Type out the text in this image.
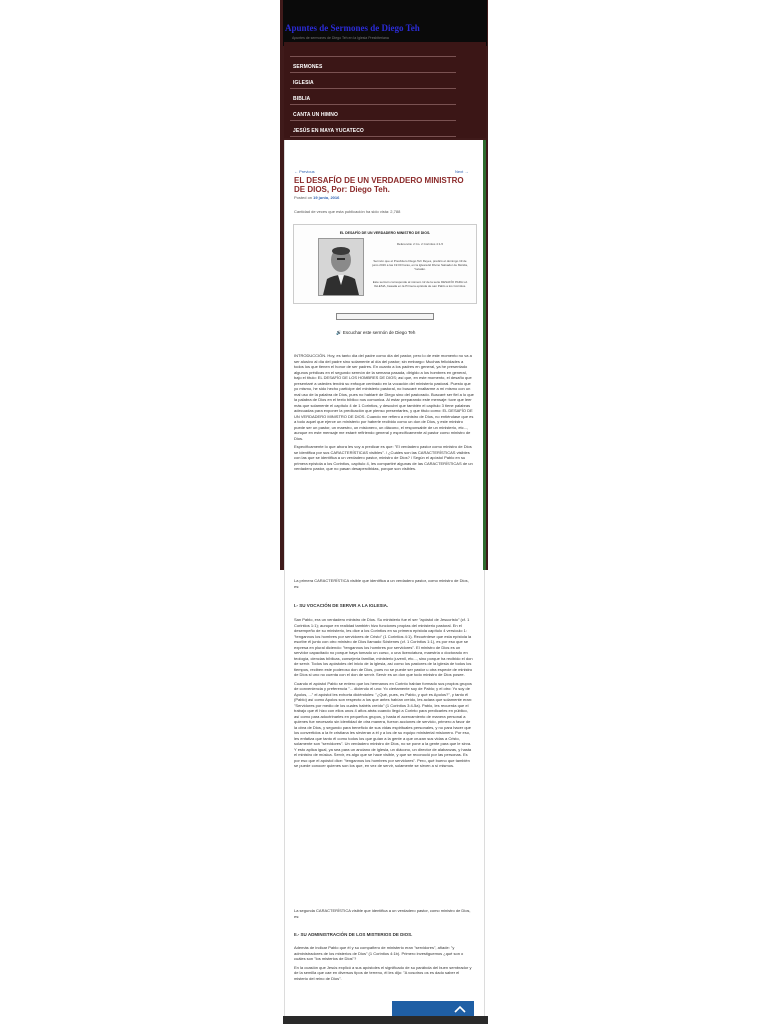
Apuntes de Sermones de Diego Teh
Apuntes de sermones de Diego Teh en la Iglesia Presbiteriana
SERMONES
IGLESIA
BIBLIA
CANTA UN HIMNO
JESÚS EN MAYA YUCATECO
← Previous	Next →
EL DESAFÍO DE UN VERDADERO MINISTRO DE DIOS, Por: Diego Teh.
Posted on 19 junio, 2016
Cantidad de veces que esta publicación ha sido vista: 2,788
EL DESAFÍO DE UN VERDADERO MINISTRO DE DIOS.
Referencia: 2 Co. 2 Corintios 4:1-5
Sermón que el Presbítero Diego Teh Reyes, predicó el domingo 19 de junio 2016 a las 19:00 horas, en la Iglesia El Divino Salvador de Mérida, Yucatán.
Este sermón corresponde al número 12 de la serie DESAFÍO PARA LA IGLESIA, basada en la Primera epístola de san Pablo a los Corintios.
🔊 Escuchar este sermón de Diego Teh

INTRODUCCIÓN. Hoy, es tanto día del padre como día del pastor, pero lo de este momento no va a ser alusivo al día del padre sino solamente al día del pastor; sin embargo: Muchas felicidades a todos los que tienen el honor de ser padres. En cuanto a los padres en general, ya he presentado algunos prédicas en el segundo sermón de la semana pasada, dirigido a los hombres en general, bajo el título: EL DESAFÍO DE LOS HOMBRES DE DIOS; así que, en este momento, el desafío que presentaré a ustedes tendrá su enfoque centrado en la vocación del ministerio pastoral. Puesto que yo mismo, he sido hecho partícipe del ministerio pastoral, no buscaré exaltarme a mí mismo con un mal uso de la palabra de Dios, pues no hablaré de Diego sino del pastorado. Buscaré ser fiel a lo que la palabra de Dios en el texto bíblico nos comunica. Al estar preparando este mensaje: tuve que leer más que solamente el capítulo 4 de 1 Corintios, y descubrí que también el capítulo 3 tiene palabras adecuadas para exponer la predicación que pienso presentarles, y que titulo como: EL DESAFÍO DE UN VERDADERO MINISTRO DE DIOS. Cuando me refiero a ministro de Dios, no entiéndase que es a todo aquel que ejerce un ministerio por haberle recibido como un don de Dios, y este ministro puede ser un pastor, un maestro, un misionero, un diácono, el responsable de un ministerio, etc..., aunque en este mensaje me estaré refiriendo general y específicamente al pastor como ministro de Dios.

Específicamente lo que ahora les voy a predicar es que: "El verdadero pastor como ministro de Dios se identifica por sus CARACTERÍSTICAS visibles". / ¿Cuáles son las CARACTERÍSTICAS visibles con las que se identifica a un verdadero pastor, ministro de Dios? / Según el apóstol Pablo en su primera epístola a los Corintios, capítulo 4, les compartiré algunas de las CARACTERÍSTICAS de un verdadero pastor, que no pasan desapercibidas, porque son visibles.

La primera CARACTERÍSTICA visible que identifica a un verdadero pastor, como ministro de Dios, es:
I.- SU VOCACIÓN DE SERVIR A LA IGLESIA.

San Pablo, era un verdadero ministro de Dios. Su ministerio fue el ser "apóstol de Jesucristo" (cf. 1 Corintios 1:1); aunque en realidad también hizo funciones propias del ministerio pastoral. En el desempeño de su ministerio, les dice a los Corintios en su primera epístola capítulo 4 versículo 1: "tengannos los hombres por servidores de Cristo" (1 Corintios 4:1). Recuérdese que esta epístola la escribe él junto con otro ministro de Dios llamado Sóstenes (cf. 1 Corintios 1:1), es por eso que se expresa en plural diciendo: "tengannos los hombres por servidores". El ministro de Dios es un servidor capacitado no porque haya tomado un curso, o una licenciatura, maestría o doctorado en teología, ciencias bíblicas, consejería familiar, ministerio juvenil, etc..., sino porque ha recibido el don de servir. Todos los apóstoles del inicio de la iglesia, así como los pastores de la iglesia de todos los tiempos, reciben este poderoso don de Dios, pues no se puede ser pastor u otra especie de ministro de Dios si uno no cuenta con el don de servir. Servir es un don que todo ministro de Dios posee.

Cuando el apóstol Pablo se entero que los hermanos en Corinto habían formado sus propios grupos de conveniencia y preferencia "... diciendo el uno: Yo ciertamente soy de Pablo; y el otro: Yo soy de Apolos, ..." el apóstol les exhorta diciéndoles: "¿Qué, pues, es Pablo, y qué es Apolos?", y tanto él (Pablo) así como Apolos son respecto a los que antes habían creído, les aclara que solamente eran: "Servidores por medio de los cuales habéis creído" (1 Corintios 3:4-5a). Pablo, les recuerda que el trabajo que él hizo con ellos unos 4 años atrás cuando llegó a Corinto para predicarles en público, así como para adoctrinarles en pequeños grupos, y hasta el acercamiento de manera personal a quienes fue necesario sin identidad de otra manera, fueron acciones de servicio, primero a favor de la obra de Dios, y segundo para beneficio de sus vidas espirituales personales, y no para hacer que los convertidos a la fe cristiana les sirvieran a él y a los de su equipo ministerial misionero. Por eso, les enfatiza que tanto él como todos los que guían a la gente a que cruzan sus vidas a Cristo, solamente son "servidores". Un verdadero ministro de Dios, no se pone a la gente para que le sirva. Y esto aplica igual, ya sea para un anciano de iglesia, un diácono, un director de alabanzas, y hasta el ministro de música. Servir, es algo que se hace visible, y que se reconoció por las personas. Es por eso que el apóstol dice: "tengannos los hombres por servidores". Pero, qué bueno que también se puede conocer quienes son los que, en vez de servir, solamente se sirven a sí mismos.

La segunda CARACTERÍSTICA visible que identifica a un verdadero pastor, como ministro de Dios, es:
II.- SU ADMINISTRACIÓN DE LOS MISTERIOS DE DIOS.

Además de indicar Pablo que él y su compañero de ministerio eran "servidores", añade: "y administradores de los misterios de Dios" (1 Corintios 4:1b). Primero investiguemos ¿qué son o cuáles son "los misterios de Dios"?

En la ocasión que Jesús explicó a sus apóstoles el significado de su parábola del buen sembrador y de la semilla que cae en diversos tipos de terreno, él les dijo: "A vosotros os es dado saber el misterio del reino de Dios".
